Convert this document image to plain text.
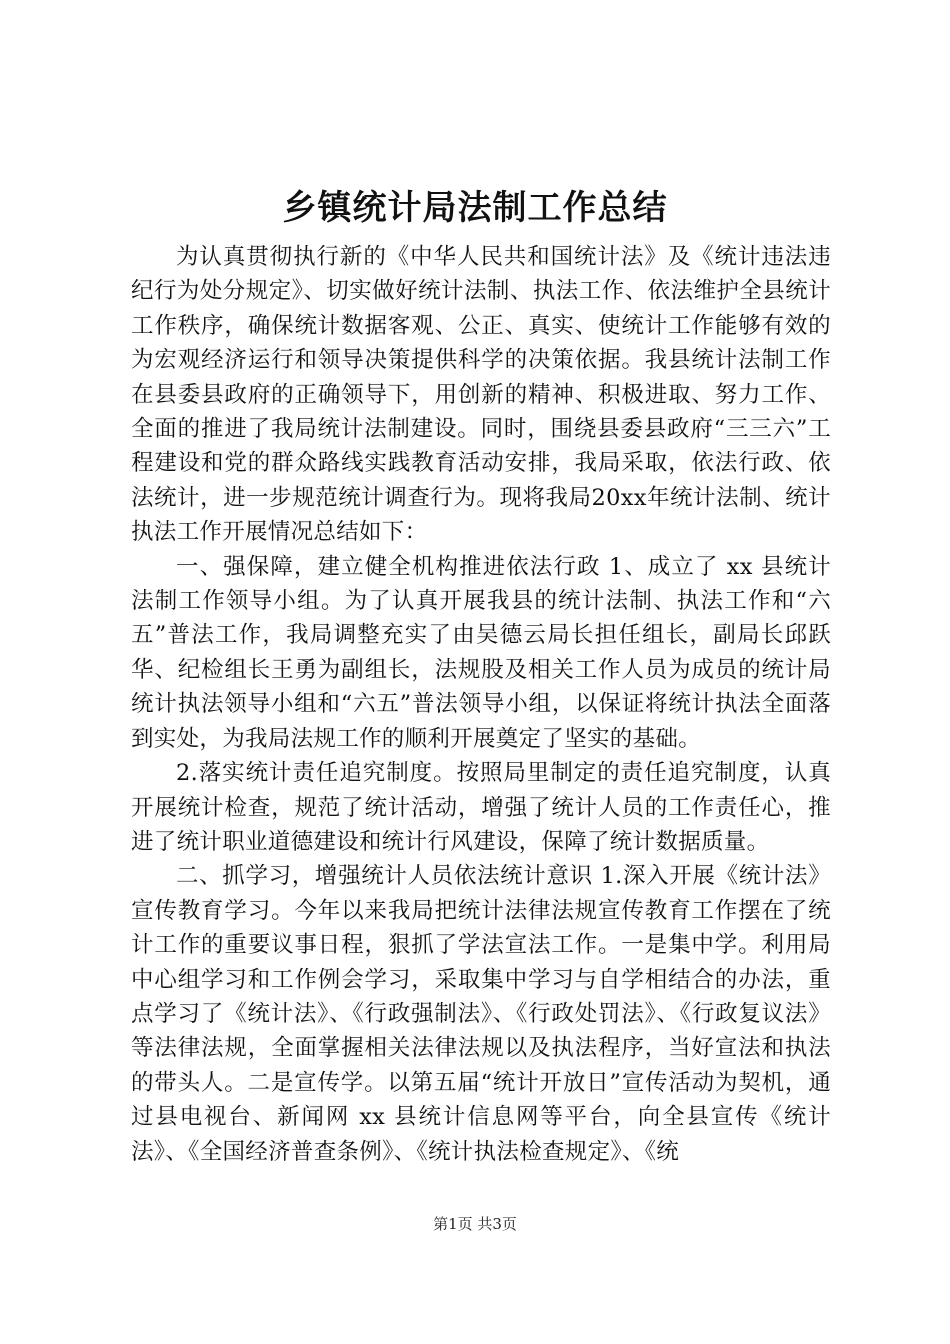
乡镇统计局法制工作总结

为认真贯彻执行新的《中华人民共和国统计法》及《统计违法违纪行为处分规定》、切实做好统计法制、执法工作、依法维护全县统计工作秩序，确保统计数据客观、公正、真实、使统计工作能够有效的为宏观经济运行和领导决策提供科学的决策依据。我县统计法制工作在县委县政府的正确领导下，用创新的精神、积极进取、努力工作、全面的推进了我局统计法制建设。同时，围绕县委县政府“三三六”工程建设和党的群众路线实践教育活动安排，我局采取，依法行政、依法统计，进一步规范统计调查行为。现将我局20xx年统计法制、统计执法工作开展情况总结如下：

一、强保障，建立健全机构推进依法行政 1、成立了 xx 县统计法制工作领导小组。为了认真开展我县的统计法制、执法工作和“六五”普法工作，我局调整充实了由吴德云局长担任组长，副局长邱跃华、纪检组长王勇为副组长，法规股及相关工作人员为成员的统计局统计执法领导小组和“六五”普法领导小组，以保证将统计执法全面落到实处，为我局法规工作的顺利开展奠定了坚实的基础。

2.落实统计责任追究制度。按照局里制定的责任追究制度，认真开展统计检查，规范了统计活动，增强了统计人员的工作责任心，推进了统计职业道德建设和统计行风建设，保障了统计数据质量。

二、抓学习，增强统计人员依法统计意识 1.深入开展《统计法》宣传教育学习。今年以来我局把统计法律法规宣传教育工作摆在了统计工作的重要议事日程，狠抓了学法宣法工作。一是集中学。利用局中心组学习和工作例会学习，采取集中学习与自学相结合的办法，重点学习了《统计法》、《行政强制法》、《行政处罚法》、《行政复议法》等法律法规，全面掌握相关法律法规以及执法程序，当好宣法和执法的带头人。二是宣传学。以第五届“统计开放日”宣传活动为契机，通过县电视台、新闻网 xx 县统计信息网等平台，向全县宣传《统计法》、《全国经济普查条例》、《统计执法检查规定》、《统

第1页 共3页
